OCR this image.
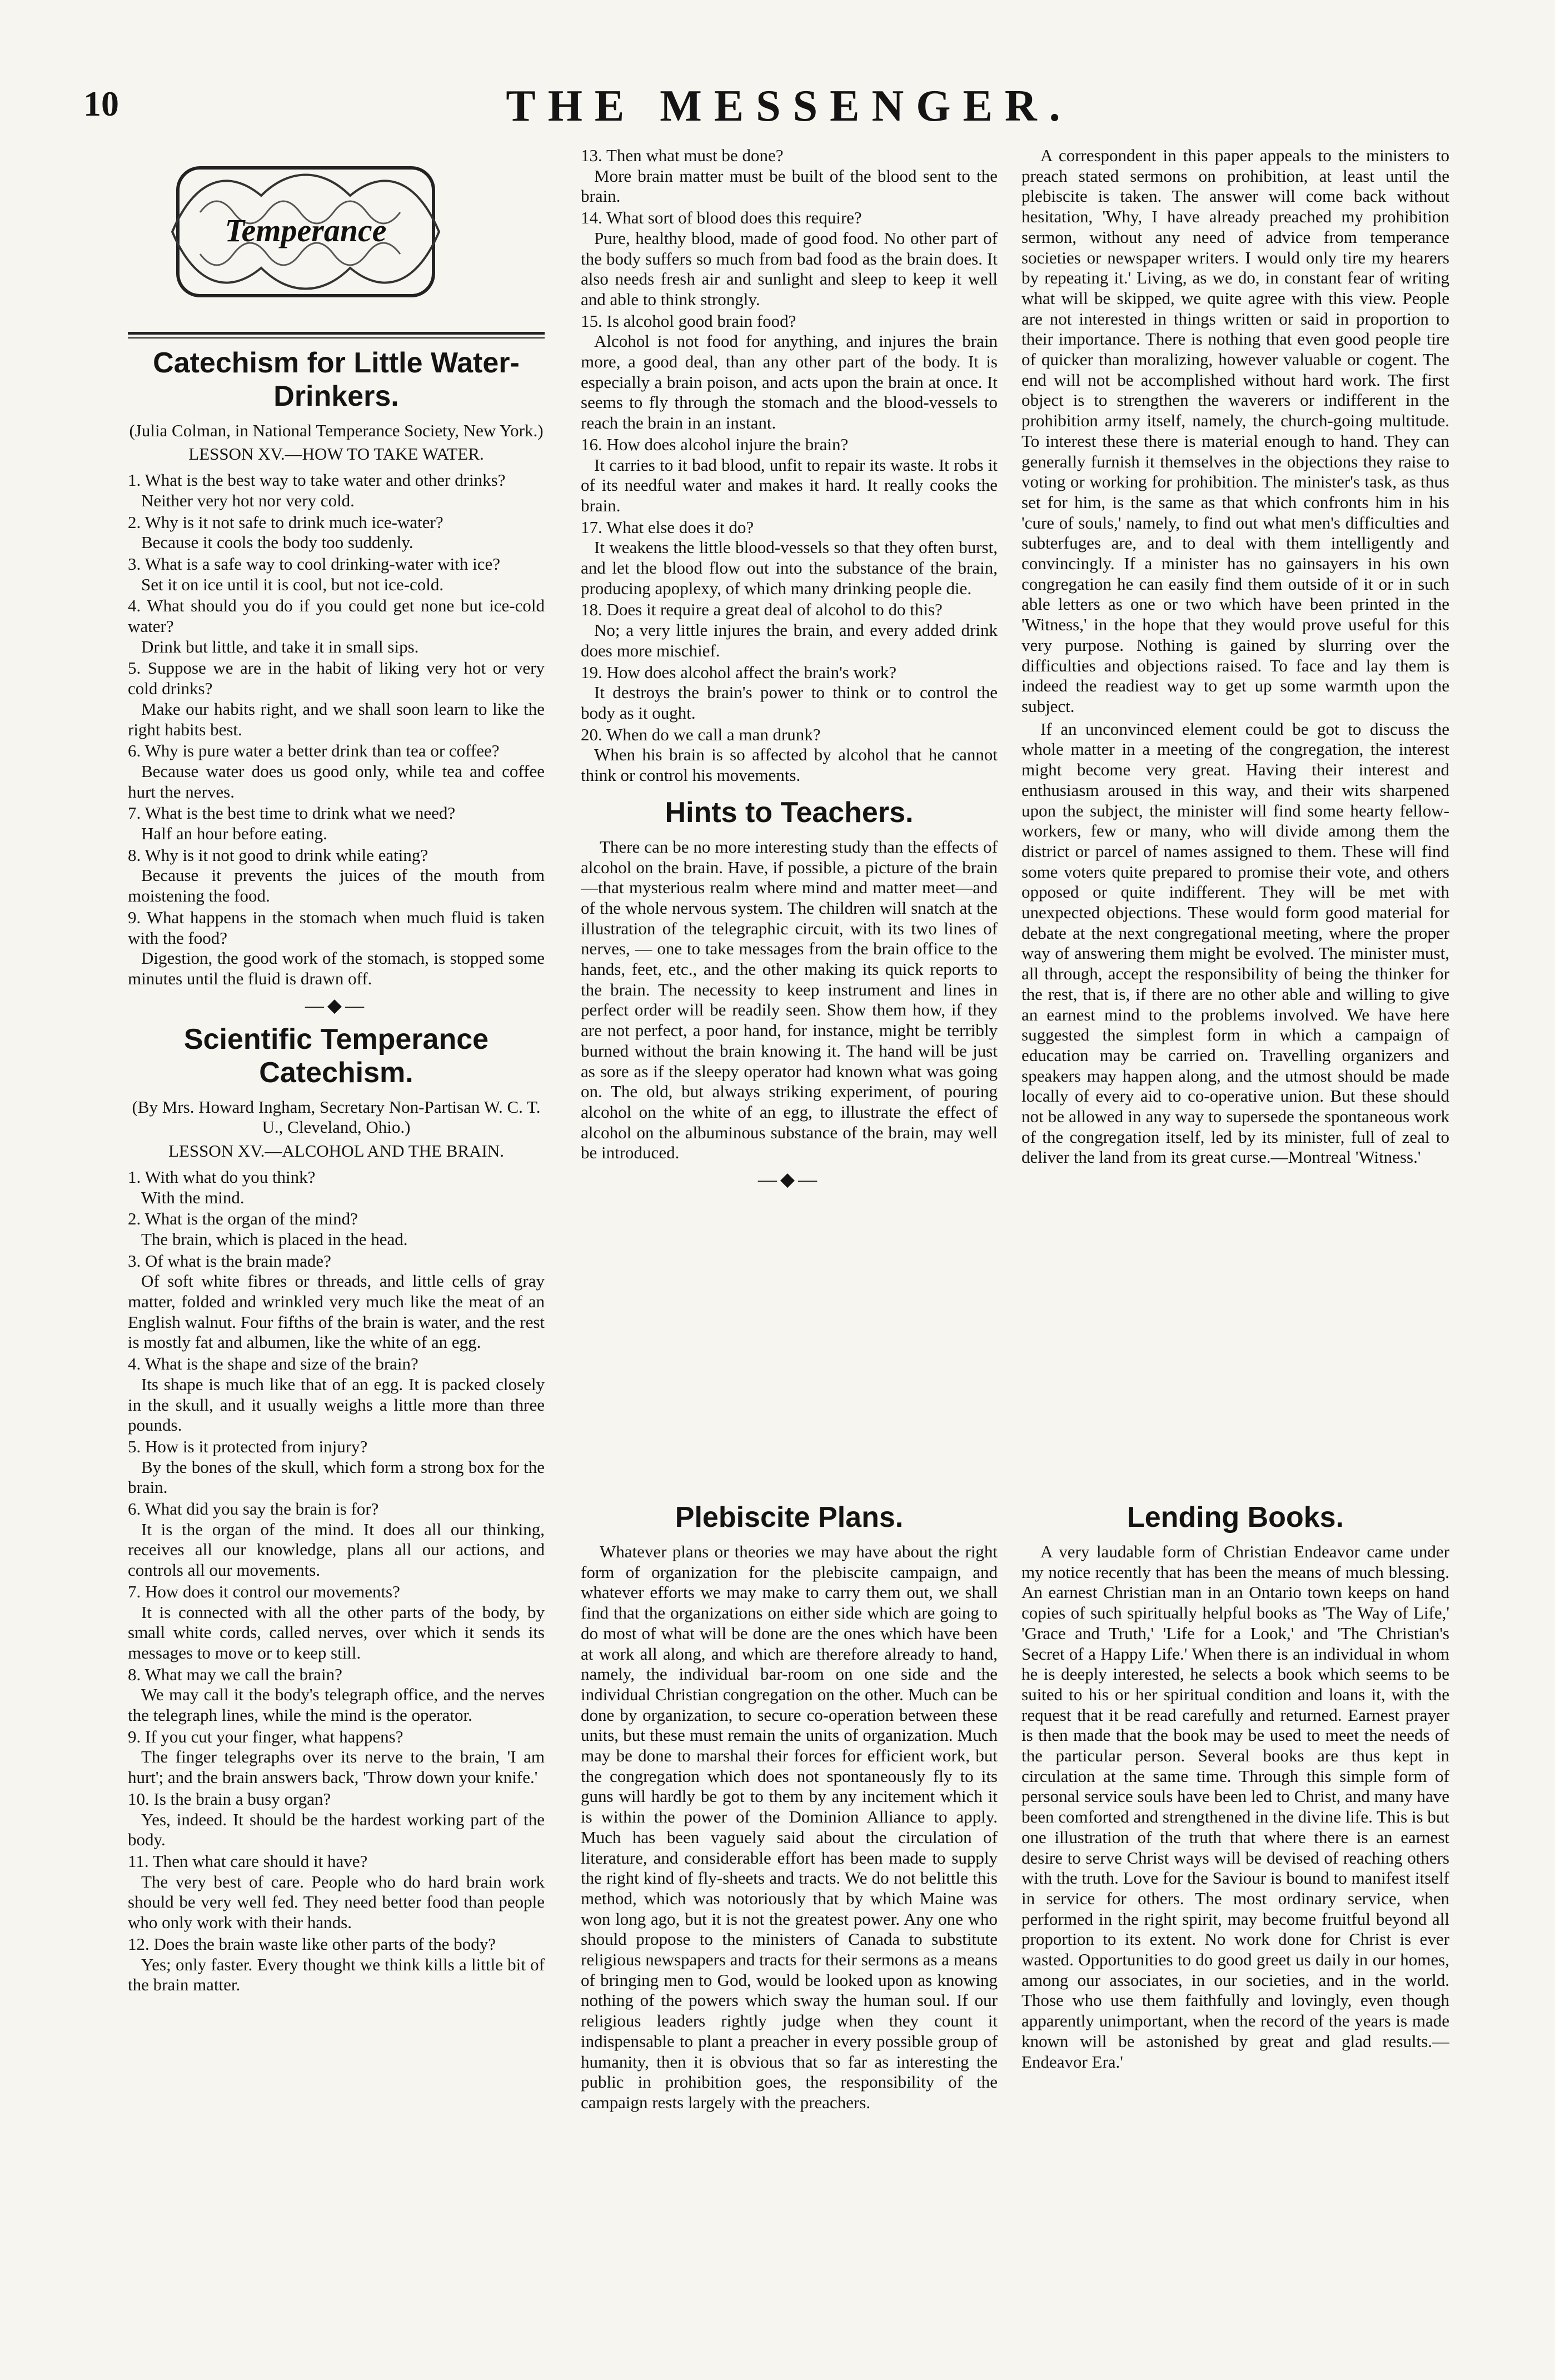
10	THE MESSENGER.
Temperance
Catechism for Little Water-Drinkers.
(Julia Colman, in National Temperance Society, New York.)
LESSON XV.—HOW TO TAKE WATER.

1. What is the best way to take water and other drinks?

Neither very hot nor very cold.

2. Why is it not safe to drink much ice-water?

Because it cools the body too suddenly.

3. What is a safe way to cool drinking-water with ice?

Set it on ice until it is cool, but not ice-cold.

4. What should you do if you could get none but ice-cold water?

Drink but little, and take it in small sips.

5. Suppose we are in the habit of liking very hot or very cold drinks?

Make our habits right, and we shall soon learn to like the right habits best.

6. Why is pure water a better drink than tea or coffee?

Because water does us good only, while tea and coffee hurt the nerves.

7. What is the best time to drink what we need?

Half an hour before eating.

8. Why is it not good to drink while eating?

Because it prevents the juices of the mouth from moistening the food.

9. What happens in the stomach when much fluid is taken with the food?

Digestion, the good work of the stomach, is stopped some minutes until the fluid is drawn off.

—◆—
Scientific Temperance Catechism.
(By Mrs. Howard Ingham, Secretary Non-Partisan W. C. T. U., Cleveland, Ohio.)
LESSON XV.—ALCOHOL AND THE BRAIN.

1. With what do you think?

With the mind.

2. What is the organ of the mind?

The brain, which is placed in the head.

3. Of what is the brain made?

Of soft white fibres or threads, and little cells of gray matter, folded and wrinkled very much like the meat of an English walnut. Four fifths of the brain is water, and the rest is mostly fat and albumen, like the white of an egg.

4. What is the shape and size of the brain?

Its shape is much like that of an egg. It is packed closely in the skull, and it usually weighs a little more than three pounds.

5. How is it protected from injury?

By the bones of the skull, which form a strong box for the brain.

6. What did you say the brain is for?

It is the organ of the mind. It does all our thinking, receives all our knowledge, plans all our actions, and controls all our movements.

7. How does it control our movements?

It is connected with all the other parts of the body, by small white cords, called nerves, over which it sends its messages to move or to keep still.

8. What may we call the brain?

We may call it the body's telegraph office, and the nerves the telegraph lines, while the mind is the operator.

9. If you cut your finger, what happens?

The finger telegraphs over its nerve to the brain, 'I am hurt'; and the brain answers back, 'Throw down your knife.'

10. Is the brain a busy organ?

Yes, indeed. It should be the hardest working part of the body.

11. Then what care should it have?

The very best of care. People who do hard brain work should be very well fed. They need better food than people who only work with their hands.

12. Does the brain waste like other parts of the body?

Yes; only faster. Every thought we think kills a little bit of the brain matter.

13. Then what must be done?

More brain matter must be built of the blood sent to the brain.

14. What sort of blood does this require?

Pure, healthy blood, made of good food. No other part of the body suffers so much from bad food as the brain does. It also needs fresh air and sunlight and sleep to keep it well and able to think strongly.

15. Is alcohol good brain food?

Alcohol is not food for anything, and injures the brain more, a good deal, than any other part of the body. It is especially a brain poison, and acts upon the brain at once. It seems to fly through the stomach and the blood-vessels to reach the brain in an instant.

16. How does alcohol injure the brain?

It carries to it bad blood, unfit to repair its waste. It robs it of its needful water and makes it hard. It really cooks the brain.

17. What else does it do?

It weakens the little blood-vessels so that they often burst, and let the blood flow out into the substance of the brain, producing apoplexy, of which many drinking people die.

18. Does it require a great deal of alcohol to do this?

No; a very little injures the brain, and every added drink does more mischief.

19. How does alcohol affect the brain's work?

It destroys the brain's power to think or to control the body as it ought.

20. When do we call a man drunk?

When his brain is so affected by alcohol that he cannot think or control his movements.

Hints to Teachers.
There can be no more interesting study than the effects of alcohol on the brain. Have, if possible, a picture of the brain—that mysterious realm where mind and matter meet—and of the whole nervous system. The children will snatch at the illustration of the telegraphic circuit, with its two lines of nerves, — one to take messages from the brain office to the hands, feet, etc., and the other making its quick reports to the brain. The necessity to keep instrument and lines in perfect order will be readily seen. Show them how, if they are not perfect, a poor hand, for instance, might be terribly burned without the brain knowing it. The hand will be just as sore as if the sleepy operator had known what was going on. The old, but always striking experiment, of pouring alcohol on the white of an egg, to illustrate the effect of alcohol on the albuminous substance of the brain, may well be introduced.
—◆—
A correspondent in this paper appeals to the ministers to preach stated sermons on prohibition, at least until the plebiscite is taken. The answer will come back without hesitation, 'Why, I have already preached my prohibition sermon, without any need of advice from temperance societies or newspaper writers. I would only tire my hearers by repeating it.' Living, as we do, in constant fear of writing what will be skipped, we quite agree with this view. People are not interested in things written or said in proportion to their importance. There is nothing that even good people tire of quicker than moralizing, however valuable or cogent. The end will not be accomplished without hard work. The first object is to strengthen the waverers or indifferent in the prohibition army itself, namely, the church-going multitude. To interest these there is material enough to hand. They can generally furnish it themselves in the objections they raise to voting or working for prohibition. The minister's task, as thus set for him, is the same as that which confronts him in his 'cure of souls,' namely, to find out what men's difficulties and subterfuges are, and to deal with them intelligently and convincingly. If a minister has no gainsayers in his own congregation he can easily find them outside of it or in such able letters as one or two which have been printed in the 'Witness,' in the hope that they would prove useful for this very purpose. Nothing is gained by slurring over the difficulties and objections raised. To face and lay them is indeed the readiest way to get up some warmth upon the subject.
If an unconvinced element could be got to discuss the whole matter in a meeting of the congregation, the interest might become very great. Having their interest and enthusiasm aroused in this way, and their wits sharpened upon the subject, the minister will find some hearty fellow-workers, few or many, who will divide among them the district or parcel of names assigned to them. These will find some voters quite prepared to promise their vote, and others opposed or quite indifferent. They will be met with unexpected objections. These would form good material for debate at the next congregational meeting, where the proper way of answering them might be evolved. The minister must, all through, accept the responsibility of being the thinker for the rest, that is, if there are no other able and willing to give an earnest mind to the problems involved. We have here suggested the simplest form in which a campaign of education may be carried on. Travelling organizers and speakers may happen along, and the utmost should be made locally of every aid to co-operative union. But these should not be allowed in any way to supersede the spontaneous work of the congregation itself, led by its minister, full of zeal to deliver the land from its great curse.—Montreal 'Witness.'
Plebiscite Plans.
Whatever plans or theories we may have about the right form of organization for the plebiscite campaign, and whatever efforts we may make to carry them out, we shall find that the organizations on either side which are going to do most of what will be done are the ones which have been at work all along, and which are therefore already to hand, namely, the individual bar-room on one side and the individual Christian congregation on the other. Much can be done by organization, to secure co-operation between these units, but these must remain the units of organization. Much may be done to marshal their forces for efficient work, but the congregation which does not spontaneously fly to its guns will hardly be got to them by any incitement which it is within the power of the Dominion Alliance to apply. Much has been vaguely said about the circulation of literature, and considerable effort has been made to supply the right kind of fly-sheets and tracts. We do not belittle this method, which was notoriously that by which Maine was won long ago, but it is not the greatest power. Any one who should propose to the ministers of Canada to substitute religious newspapers and tracts for their sermons as a means of bringing men to God, would be looked upon as knowing nothing of the powers which sway the human soul. If our religious leaders rightly judge when they count it indispensable to plant a preacher in every possible group of humanity, then it is obvious that so far as interesting the public in prohibition goes, the responsibility of the campaign rests largely with the preachers.
Lending Books.
A very laudable form of Christian Endeavor came under my notice recently that has been the means of much blessing. An earnest Christian man in an Ontario town keeps on hand copies of such spiritually helpful books as 'The Way of Life,' 'Grace and Truth,' 'Life for a Look,' and 'The Christian's Secret of a Happy Life.' When there is an individual in whom he is deeply interested, he selects a book which seems to be suited to his or her spiritual condition and loans it, with the request that it be read carefully and returned. Earnest prayer is then made that the book may be used to meet the needs of the particular person. Several books are thus kept in circulation at the same time. Through this simple form of personal service souls have been led to Christ, and many have been comforted and strengthened in the divine life. This is but one illustration of the truth that where there is an earnest desire to serve Christ ways will be devised of reaching others with the truth. Love for the Saviour is bound to manifest itself in service for others. The most ordinary service, when performed in the right spirit, may become fruitful beyond all proportion to its extent. No work done for Christ is ever wasted. Opportunities to do good greet us daily in our homes, among our associates, in our societies, and in the world. Those who use them faithfully and lovingly, even though apparently unimportant, when the record of the years is made known will be astonished by great and glad results.—Endeavor Era.'
